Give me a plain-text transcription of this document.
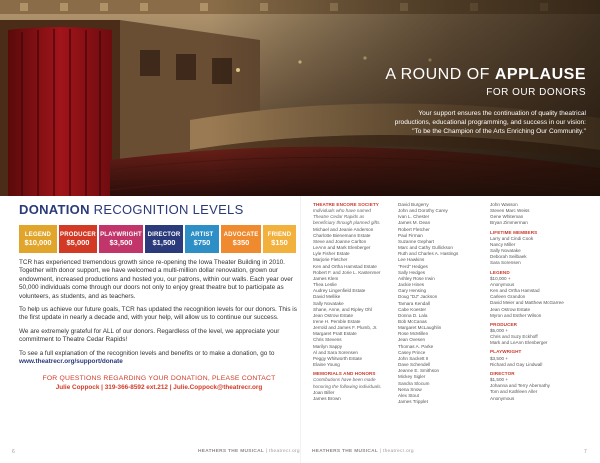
A ROUND OF APPLAUSE
FOR OUR DONORS
Your support ensures the continuation of quality theatrical
productions, educational programming, and success in our vision:
"To be the Champion of the Arts Enriching Our Community."
DONATION RECOGNITION LEVELS
LEGEND
$10,000
PRODUCER
$5,000
PLAYWRIGHT
$3,500
DIRECTOR
$1,500
ARTIST
$750
ADVOCATE
$350
FRIEND
$150

TCR has experienced tremendous growth since re-opening the Iowa Theater Building in 2010. Together with donor support, we have welcomed a multi-million dollar renovation, grown our endowment, increased productions and hosted you, our patrons, within our walls. Each year over 50,000 individuals come through our doors not only to enjoy great theatre but to participate as volunteers, as students, and as teachers.

To help us achieve our future goals, TCR has updated the recognition levels for our donors. This is the first update in nearly a decade and, with your help, will allow us to continue our success.

We are extremely grateful for ALL of our donors. Regardless of the level, we appreciate your commitment to Theatre Cedar Rapids!

To see a full explanation of the recognition levels and benefits or to make a donation, go to www.theatrecr.org/support/donate

FOR QUESTIONS REGARDING YOUR DONATION, PLEASE CONTACT
Julie Coppock | 319-366-8592 ext.212 | Julie.Coppock@theatrecr.org
THEATRE ENCORE SOCIETY
Individuals who have named Theatre Cedar Rapids as beneficiary through planned gifts.
Michael and Jeanie Anderson
Charlotte Bienemann Estate
Steve and Joanne Carlton
LeAnn and Mark Elenberger
Lyle Fisher Estate
Marjorie Fletcher
Ken and Ortha Hamstad Estate
Robert F. and Jorie L. Kastenmer
James Klem
Thea Leslie
Audrey Lingenfield Estate
David Mellike
Sally Novatake
Shane, Anne, and Ripley Ohl
Jean Ostrow Estate
Irene H. Pemble Estate
Jerrold and James F. Plumb, Jr.
Margaret Pratt Estate
Chris Stevens
Marilyn Sappy
Al and Sara Sorensen
Peggy Whitworth Estate
Elaine Young
MEMORIALS AND HONORS
Contributions have been made honoring the following individuals.
Joan Biller
James Brown
David Burgerry
John and Dorothy Carey
Ivan L. Chester
James M. Dean
Robert Fletcher
Paul Firman
Suzanne Gephart
Marc and Cathy Gullickson
Ruth and Charles A. Hastings
Lee Hawkins
"Ferd" Hedges
Sally Hedges
Ashley Rose Irwin
Jackie Hines
Gary Hensing
Doug "DJ" Jackson
Tamara Kendall
Cabe Koester
Donna D. Lala
Bob McCanas
Margaret McLaughlin
Rose McMillen
Jean Ovesen
Thomas A. Parke
Casey Prince
John Sackett II
Dave Schendell
Jeanne E. Smithson
Mickey Sigler
Sandra Slocum
Nena Snow
Alex Stout
James Tripplet
John Wasson
Steven Marc Weiss
Gene Whiteman
Bryan Zimmerman
LIFETIME MEMBERS
Larry and Cindi Cook
Nancy Miller
Sally Novatake
Deborah Seilbaek
Sara Sorensen
LEGEND
$10,000 +
Anonymous
Ken and Ortha Hamstad
Carleen Grandon
David Meier and Matthew McGarree
Jean Ostrow Estate
Myron and Esther Wilson
PRODUCER
$5,000 +
Chris and Suzy Eckhoff
Mark and LeAnn Elenberger
PLAYWRIGHT
$3,500 +
Richard and Gay Lindwall
DIRECTOR
$1,500 +
Johanna and Terry Abernathy
Tom and Kathleen Aller
Anonymous
6	HEATHERS THE MUSICAL | theatrecr.org	HEATHERS THE MUSICAL | theatrecr.org	7
